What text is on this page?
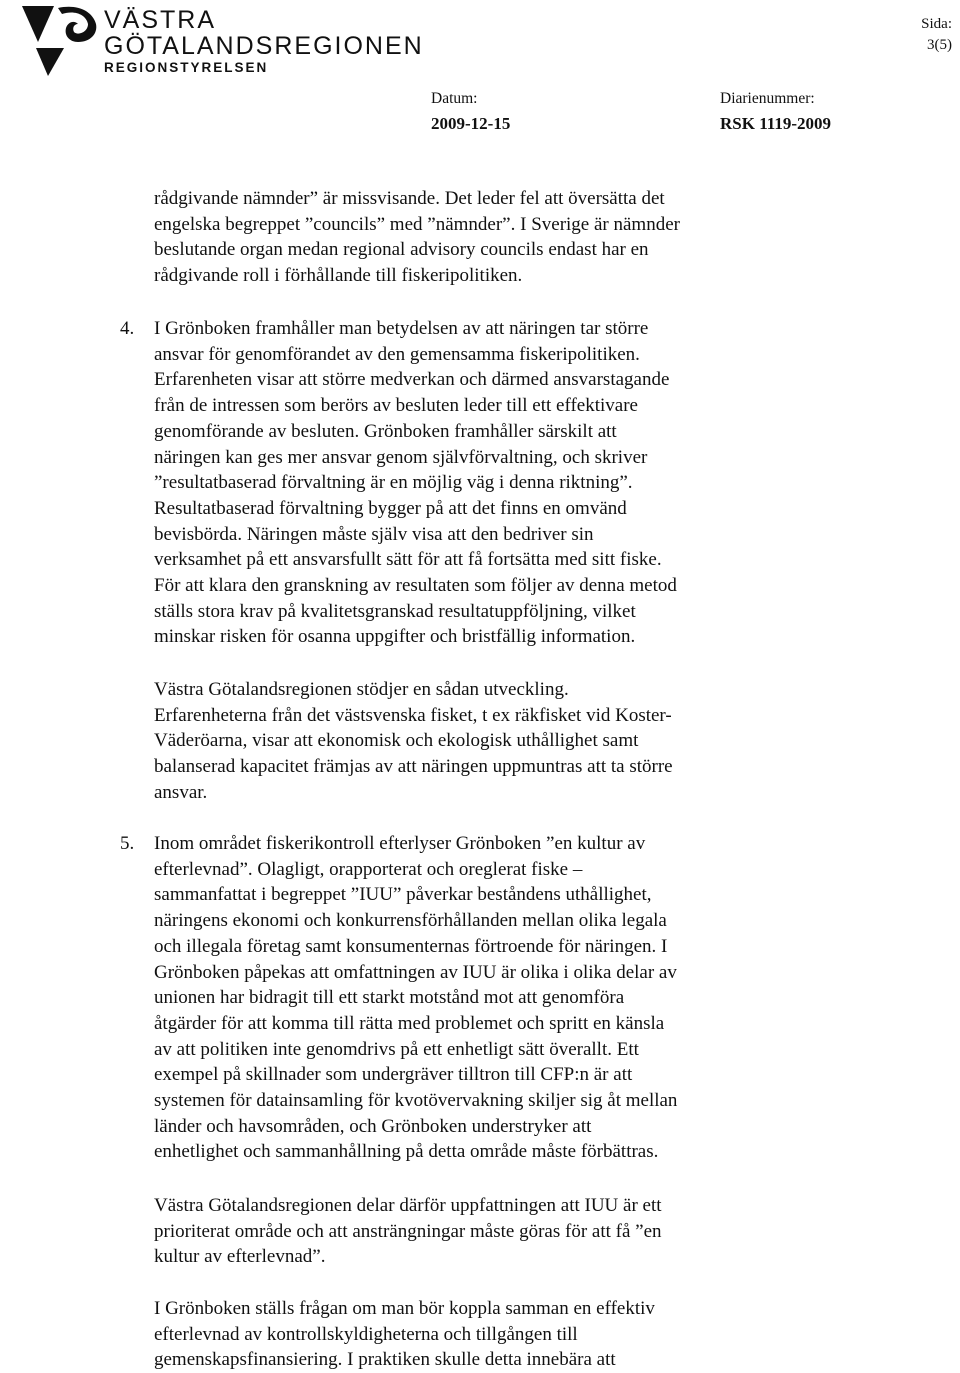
VÄSTRA
GÖTALANDSREGIONEN
REGIONSTYRELSEN
Sida:
3(5)
Datum:
2009-12-15
Diarienummer:
RSK 1119-2009
rådgivande nämnder” är missvisande. Det leder fel att översätta det
engelska begreppet ”councils” med ”nämnder”. I Sverige är nämnder
beslutande organ medan regional advisory councils endast har en
rådgivande roll i förhållande till fiskeripolitiken.
4. I Grönboken framhåller man betydelsen av att näringen tar större
ansvar för genomförandet av den gemensamma fiskeripolitiken.
Erfarenheten visar att större medverkan och därmed ansvarstagande
från de intressen som berörs av besluten leder till ett effektivare
genomförande av besluten. Grönboken framhåller särskilt att
näringen kan ges mer ansvar genom självförvaltning, och skriver
”resultatbaserad förvaltning är en möjlig väg i denna riktning”.
Resultatbaserad förvaltning bygger på att det finns en omvänd
bevisbörda. Näringen måste själv visa att den bedriver sin
verksamhet på ett ansvarsfullt sätt för att få fortsätta med sitt fiske.
För att klara den granskning av resultaten som följer av denna metod
ställs stora krav på kvalitetsgranskad resultatuppföljning, vilket
minskar risken för osanna uppgifter och bristfällig information.
Västra Götalandsregionen stödjer en sådan utveckling.
Erfarenheterna från det västsvenska fisket, t ex räkfisket vid Koster-
Väderöarna, visar att ekonomisk och ekologisk uthållighet samt
balanserad kapacitet främjas av att näringen uppmuntras att ta större
ansvar.
5. Inom området fiskerikontroll efterlyser Grönboken ”en kultur av
efterlevnad”. Olagligt, orapporterat och oreglerat fiske –
sammanfattat i begreppet ”IUU” påverkar beståndens uthållighet,
näringens ekonomi och konkurrensförhållanden mellan olika legala
och illegala företag samt konsumenternas förtroende för näringen. I
Grönboken påpekas att omfattningen av IUU är olika i olika delar av
unionen har bidragit till ett starkt motstånd mot att genomföra
åtgärder för att komma till rätta med problemet och spritt en känsla
av att politiken inte genomdrivs på ett enhetligt sätt överallt. Ett
exempel på skillnader som undergräver tilltron till CFP:n är att
systemen för datainsamling för kvotövervakning skiljer sig åt mellan
länder och havsområden, och Grönboken understryker att
enhetlighet och sammanhållning på detta område måste förbättras.
Västra Götalandsregionen delar därför uppfattningen att IUU är ett
prioriterat område och att ansträngningar måste göras för att få ”en
kultur av efterlevnad”.
I Grönboken ställs frågan om man bör koppla samman en effektiv
efterlevnad av kontrollskyldigheterna och tillgången till
gemenskapsfinansiering. I praktiken skulle detta innebära att
